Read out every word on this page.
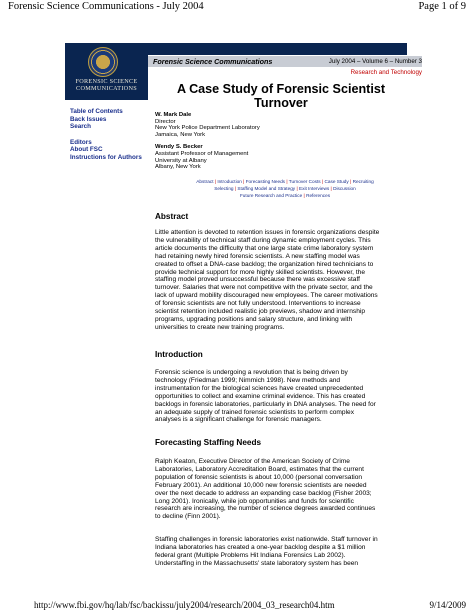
Forensic Science Communications - July 2004	Page 1 of 9
FORENSIC SCIENCE
COMMUNICATIONS
Forensic Science Communications	July 2004 – Volume 6 – Number 3
Research and Technology
Table of Contents
Back Issues
Search
Editors
About FSC
Instructions for Authors
A Case Study of Forensic Scientist
Turnover
W. Mark Dale
Director
New York Police Department Laboratory
Jamaica, New York
Wendy S. Becker
Assistant Professor of Management
University at Albany
Albany, New York
Abstract | Introduction | Forecasting Needs | Turnover Costs | Case Study | Recruiting
Selecting | Staffing Model and Strategy | Exit Interviews | Discussion
Future Research and Practice | References
Abstract
Little attention is devoted to retention issues in forensic organizations despite
the vulnerability of technical staff during dynamic employment cycles. This
article documents the difficulty that one large state crime laboratory system
had retaining newly hired forensic scientists. A new staffing model was
created to offset a DNA-case backlog; the organization hired technicians to
provide technical support for more highly skilled scientists. However, the
staffing model proved unsuccessful because there was excessive staff
turnover. Salaries that were not competitive with the private sector, and the
lack of upward mobility discouraged new employees. The career motivations
of forensic scientists are not fully understood. Interventions to increase
scientist retention included realistic job previews, shadow and internship
programs, upgrading positions and salary structure, and linking with
universities to create new training programs.
Introduction
Forensic science is undergoing a revolution that is being driven by
technology (Friedman 1999; Nimmich 1998). New methods and
instrumentation for the biological sciences have created unprecedented
opportunities to collect and examine criminal evidence. This has created
backlogs in forensic laboratories, particularly in DNA analyses. The need for
an adequate supply of trained forensic scientists to perform complex
analyses is a significant challenge for forensic managers.
Forecasting Staffing Needs
Ralph Keaton, Executive Director of the American Society of Crime
Laboratories, Laboratory Accreditation Board, estimates that the current
population of forensic scientists is about 10,000 (personal conversation
February 2001). An additional 10,000 new forensic scientists are needed
over the next decade to address an expanding case backlog (Fisher 2003;
Long 2001). Ironically, while job opportunities and funds for scientific
research are increasing, the number of science degrees awarded continues
to decline (Finn 2001).
Staffing challenges in forensic laboratories exist nationwide. Staff turnover in
Indiana laboratories has created a one-year backlog despite a $1 million
federal grant (Multiple Problems Hit Indiana Forensics Lab 2002).
Understaffing in the Massachusetts' state laboratory system has been
http://www.fbi.gov/hq/lab/fsc/backissu/july2004/research/2004_03_research04.htm	9/14/2009
